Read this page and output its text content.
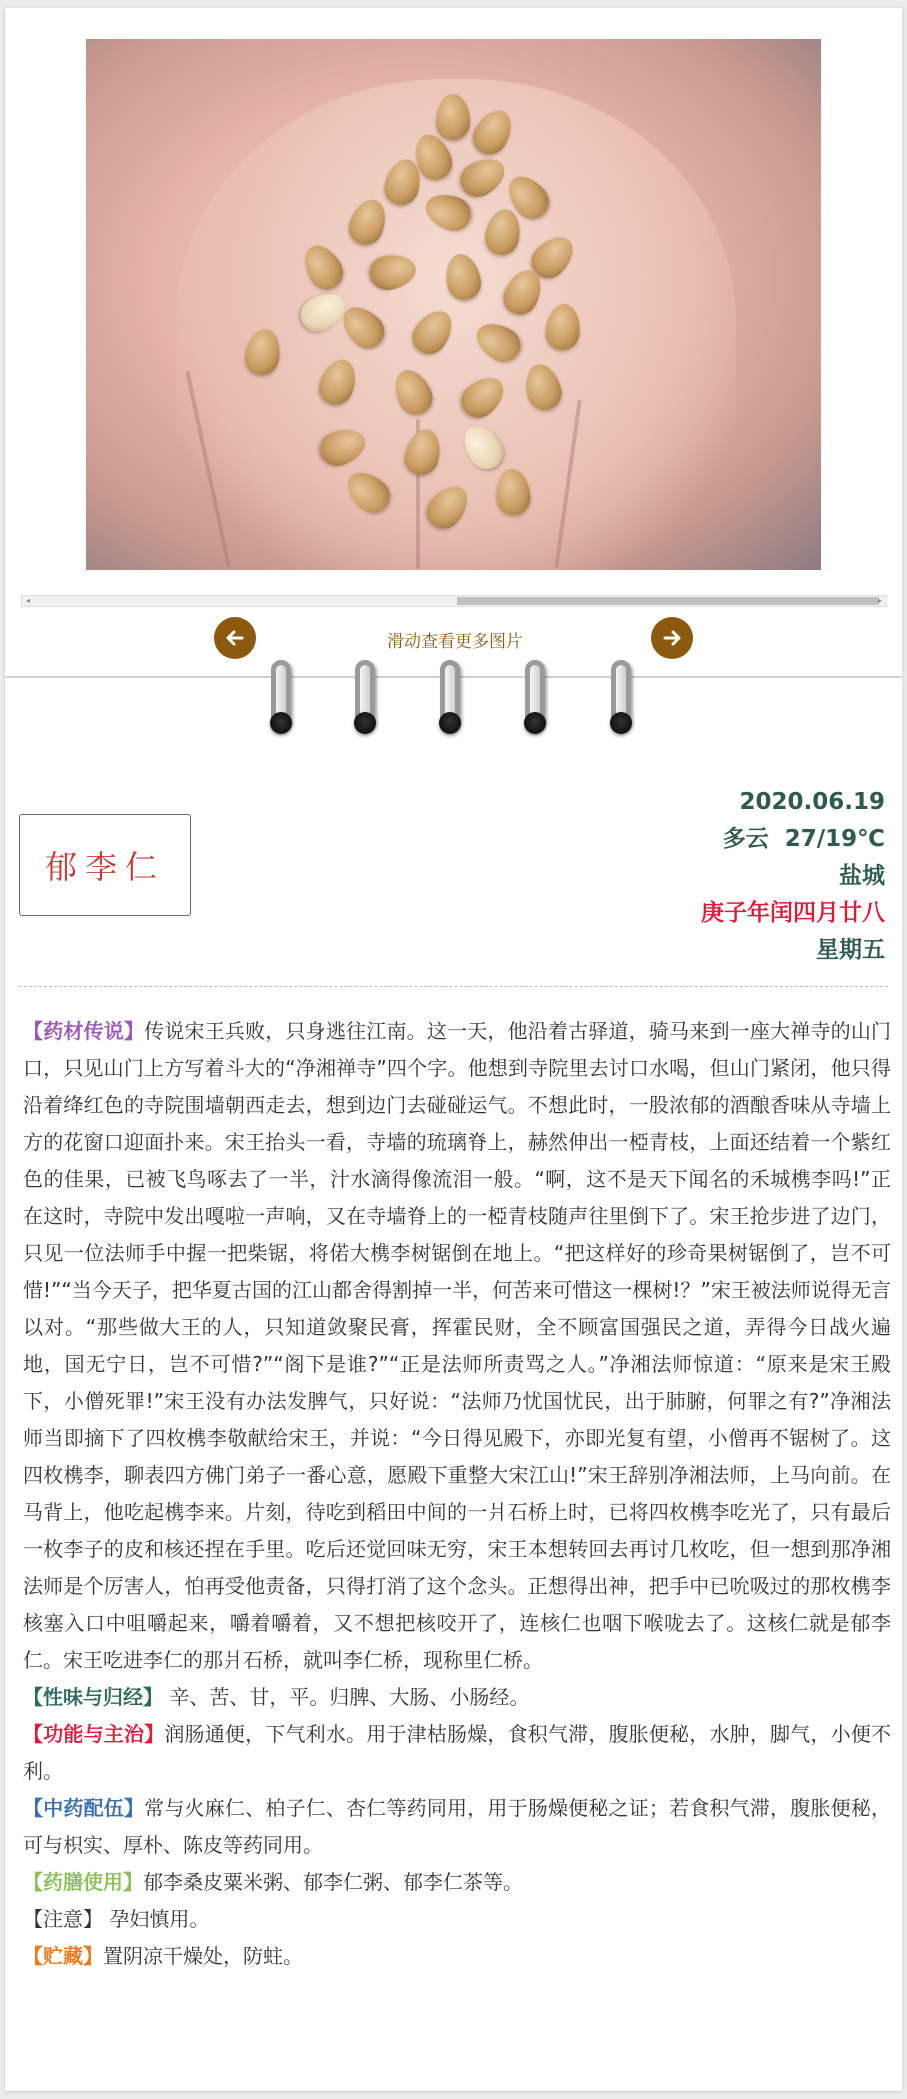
◂	▸
滑动查看更多图片
郁李仁
2020.06.19
多云  27/19℃
盐城
庚子年闰四月廿八
星期五

【药材传说】传说宋王兵败，只身逃往江南。这一天，他沿着古驿道，骑马来到一座大禅寺的山门口，只见山门上方写着斗大的“净湘禅寺”四个字。他想到寺院里去讨口水喝，但山门紧闭，他只得沿着绛红色的寺院围墙朝西走去，想到边门去碰碰运气。不想此时，一股浓郁的酒酿香味从寺墙上方的花窗口迎面扑来。宋王抬头一看，寺墙的琉璃脊上，赫然伸出一椏青枝，上面还结着一个紫红色的佳果，已被飞鸟啄去了一半，汁水滴得像流泪一般。“啊，这不是天下闻名的禾城槜李吗!”正在这时，寺院中发出嘎啦一声响，又在寺墙脊上的一椏青枝随声往里倒下了。宋王抢步进了边门，只见一位法师手中握一把柴锯，将偌大槜李树锯倒在地上。“把这样好的珍奇果树锯倒了，岂不可惜!”“当今天子，把华夏古国的江山都舍得割掉一半，何苦来可惜这一棵树!？”宋王被法师说得无言以对。“那些做大王的人，只知道敛聚民膏，挥霍民财，全不顾富国强民之道，弄得今日战火遍地，国无宁日，岂不可惜?”“阁下是谁?”“正是法师所责骂之人。”净湘法师惊道：“原来是宋王殿下，小僧死罪!”宋王没有办法发脾气，只好说：“法师乃忧国忧民，出于肺腑，何罪之有?”净湘法师当即摘下了四枚槜李敬献给宋王，并说：“今日得见殿下，亦即光复有望，小僧再不锯树了。这四枚槜李，聊表四方佛门弟子一番心意，愿殿下重整大宋江山!”宋王辞别净湘法师，上马向前。在马背上，他吃起槜李来。片刻，待吃到稻田中间的一爿石桥上时，已将四枚槜李吃光了，只有最后一枚李子的皮和核还捏在手里。吃后还觉回味无穷，宋王本想转回去再讨几枚吃，但一想到那净湘法师是个厉害人，怕再受他责备，只得打消了这个念头。正想得出神，把手中已吮吸过的那枚槜李核塞入口中咀嚼起来，嚼着嚼着，又不想把核咬开了，连核仁也咽下喉咙去了。这核仁就是郁李仁。宋王吃进李仁的那爿石桥，就叫李仁桥，现称里仁桥。

【性味与归经】 辛、苦、甘，平。归脾、大肠、小肠经。

【功能与主治】润肠通便，下气利水。用于津枯肠燥，食积气滞，腹胀便秘，水肿，脚气，小便不利。

【中药配伍】常与火麻仁、柏子仁、杏仁等药同用，用于肠燥便秘之证；若食积气滞，腹胀便秘，可与枳实、厚朴、陈皮等药同用。

【药膳使用】郁李桑皮粟米粥、郁李仁粥、郁李仁茶等。

【注意】 孕妇慎用。

【贮藏】置阴凉干燥处，防蛀。
